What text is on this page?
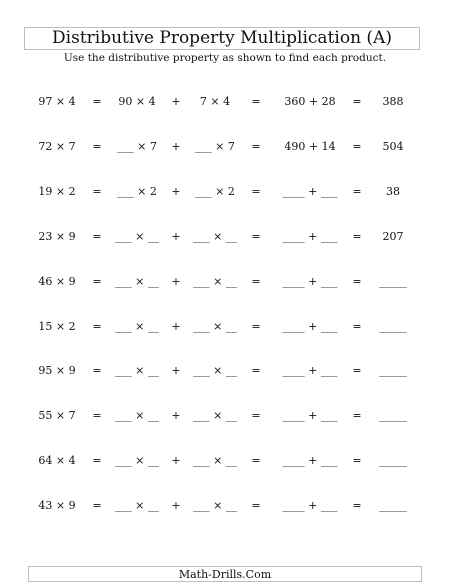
Distributive Property Multiplication (A)
Use the distributive property as shown to find each product.
97 × 4 = 90 × 4 + 7 × 4 = 360 + 28 = 388
72 × 7 = ___ × 7 + ___ × 7 = 490 + 14 = 504
19 × 2 = ___ × 2 + ___ × 2 = ____ + ___ = 38
23 × 9 = ___ × __ + ___ × __ = ____ + ___ = 207
46 × 9 = ___ × __ + ___ × __ = ____ + ___ = _____
15 × 2 = ___ × __ + ___ × __ = ____ + ___ = _____
95 × 9 = ___ × __ + ___ × __ = ____ + ___ = _____
55 × 7 = ___ × __ + ___ × __ = ____ + ___ = _____
64 × 4 = ___ × __ + ___ × __ = ____ + ___ = _____
43 × 9 = ___ × __ + ___ × __ = ____ + ___ = _____
Math-Drills.Com
